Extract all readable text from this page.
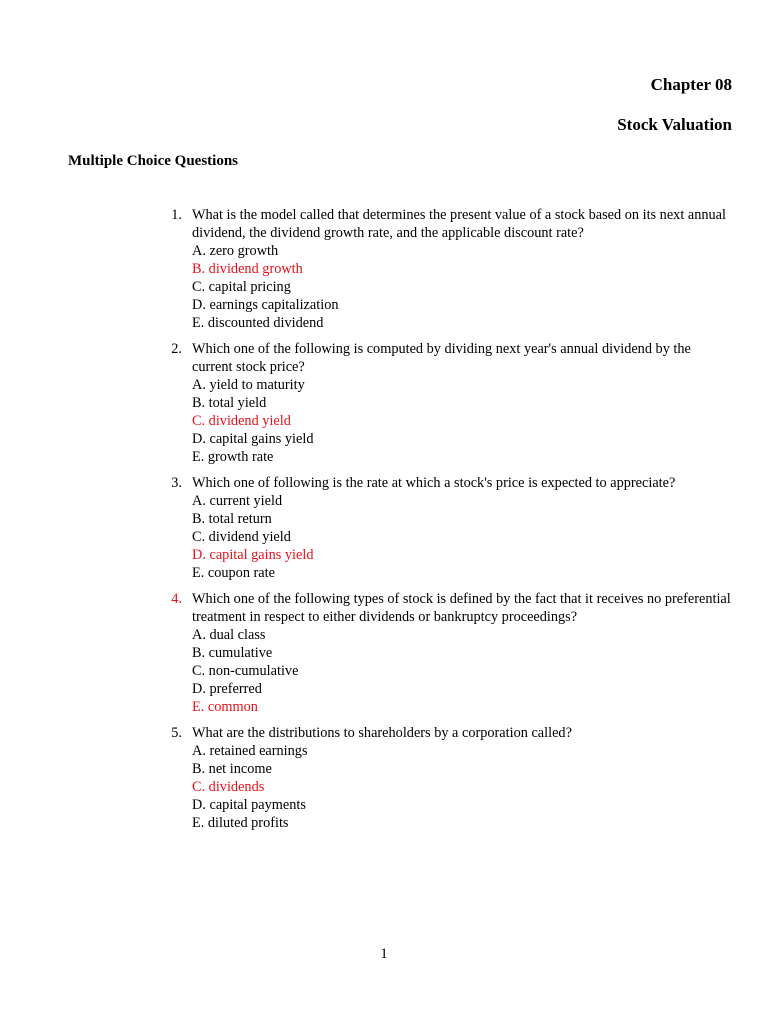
Chapter 08
Stock Valuation
Multiple Choice Questions
1. What is the model called that determines the present value of a stock based on its next annual dividend, the dividend growth rate, and the applicable discount rate?
A. zero growth
B. dividend growth
C. capital pricing
D. earnings capitalization
E. discounted dividend
2. Which one of the following is computed by dividing next year's annual dividend by the current stock price?
A. yield to maturity
B. total yield
C. dividend yield
D. capital gains yield
E. growth rate
3. Which one of following is the rate at which a stock's price is expected to appreciate?
A. current yield
B. total return
C. dividend yield
D. capital gains yield
E. coupon rate
4. Which one of the following types of stock is defined by the fact that it receives no preferential treatment in respect to either dividends or bankruptcy proceedings?
A. dual class
B. cumulative
C. non-cumulative
D. preferred
E. common
5. What are the distributions to shareholders by a corporation called?
A. retained earnings
B. net income
C. dividends
D. capital payments
E. diluted profits
1
